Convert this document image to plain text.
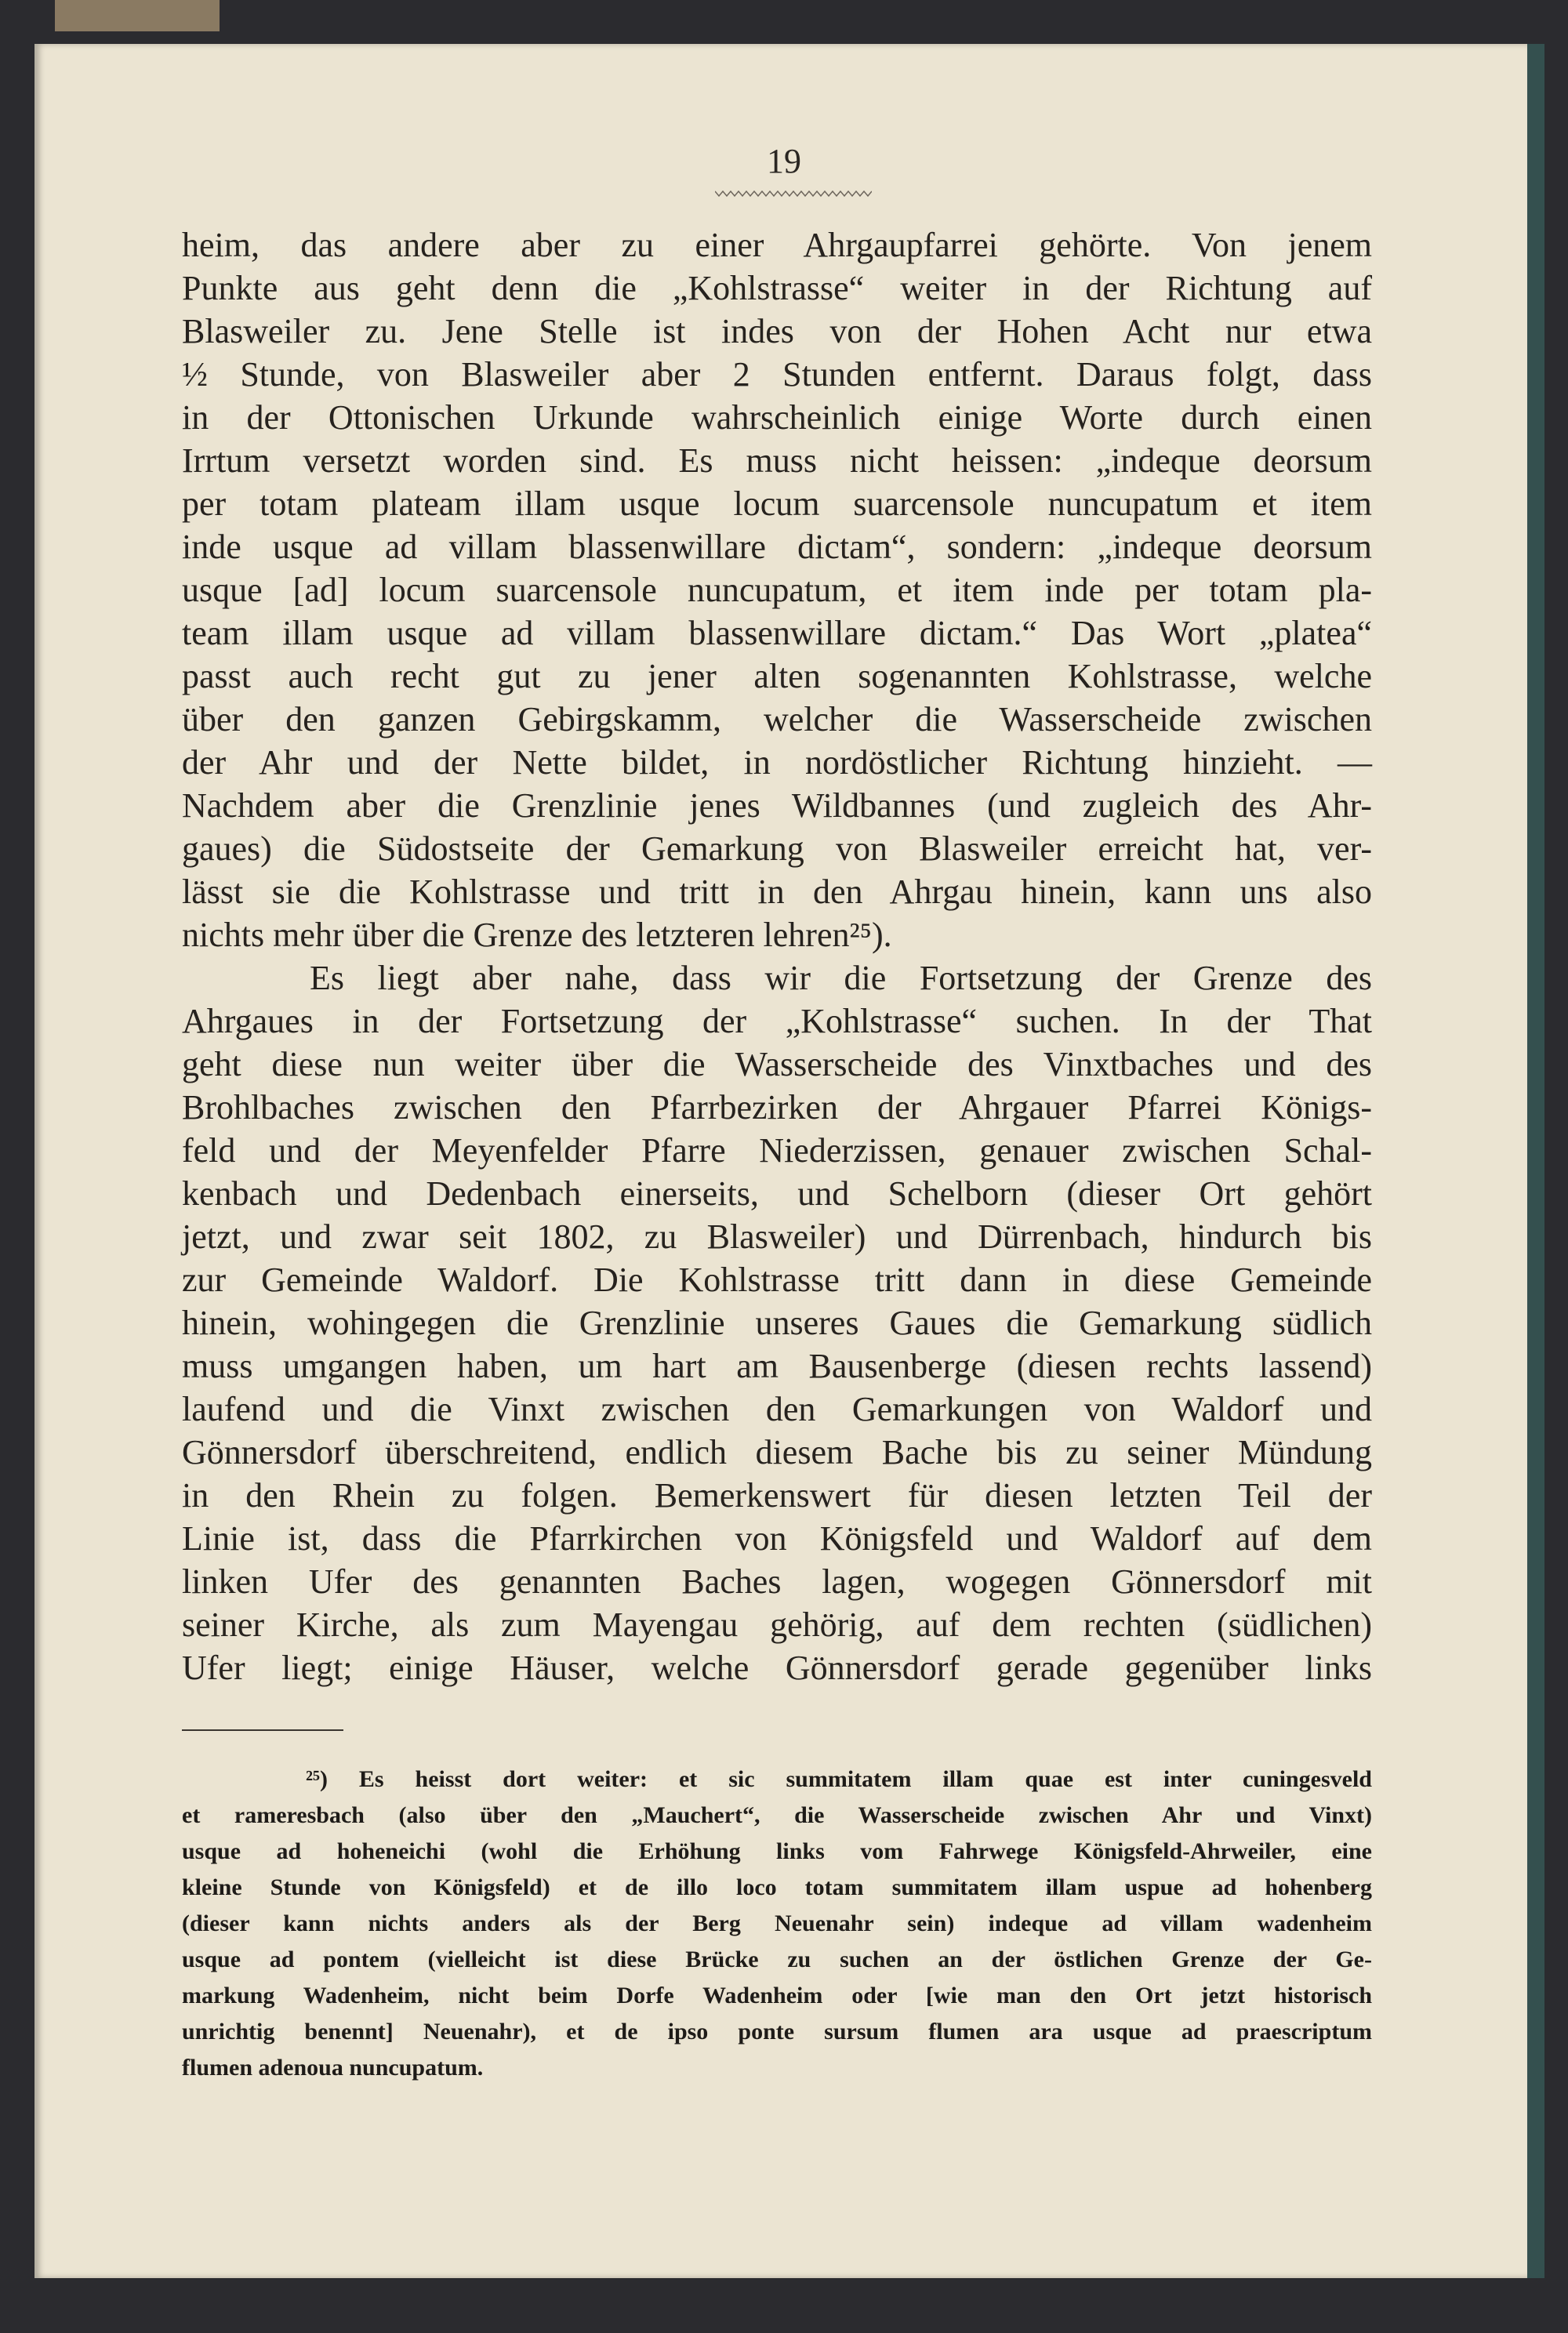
19
heim, das andere aber zu einer Ahrgaupfarrei gehörte. Von jenem
Punkte aus geht denn die „Kohlstrasse“ weiter in der Richtung auf
Blasweiler zu. Jene Stelle ist indes von der Hohen Acht nur etwa
½ Stunde, von Blasweiler aber 2 Stunden entfernt. Daraus folgt, dass
in der Ottonischen Urkunde wahrscheinlich einige Worte durch einen
Irrtum versetzt worden sind. Es muss nicht heissen: „indeque deorsum
per totam plateam illam usque locum suarcensole nuncupatum et item
inde usque ad villam blassenwillare dictam“, sondern: „indeque deorsum
usque [ad] locum suarcensole nuncupatum, et item inde per totam pla-
team illam usque ad villam blassenwillare dictam.“ Das Wort „platea“
passt auch recht gut zu jener alten sogenannten Kohlstrasse, welche
über den ganzen Gebirgskamm, welcher die Wasserscheide zwischen
der Ahr und der Nette bildet, in nordöstlicher Richtung hinzieht. —
Nachdem aber die Grenzlinie jenes Wildbannes (und zugleich des Ahr-
gaues) die Südostseite der Gemarkung von Blasweiler erreicht hat, ver-
lässt sie die Kohlstrasse und tritt in den Ahrgau hinein, kann uns also
nichts mehr über die Grenze des letzteren lehren²⁵).
Es liegt aber nahe, dass wir die Fortsetzung der Grenze des
Ahrgaues in der Fortsetzung der „Kohlstrasse“ suchen. In der That
geht diese nun weiter über die Wasserscheide des Vinxtbaches und des
Brohlbaches zwischen den Pfarrbezirken der Ahrgauer Pfarrei Königs-
feld und der Meyenfelder Pfarre Niederzissen, genauer zwischen Schal-
kenbach und Dedenbach einerseits, und Schelborn (dieser Ort gehört
jetzt, und zwar seit 1802, zu Blasweiler) und Dürrenbach, hindurch bis
zur Gemeinde Waldorf. Die Kohlstrasse tritt dann in diese Gemeinde
hinein, wohingegen die Grenzlinie unseres Gaues die Gemarkung südlich
muss umgangen haben, um hart am Bausenberge (diesen rechts lassend)
laufend und die Vinxt zwischen den Gemarkungen von Waldorf und
Gönnersdorf überschreitend, endlich diesem Bache bis zu seiner Mündung
in den Rhein zu folgen. Bemerkenswert für diesen letzten Teil der
Linie ist, dass die Pfarrkirchen von Königsfeld und Waldorf auf dem
linken Ufer des genannten Baches lagen, wogegen Gönnersdorf mit
seiner Kirche, als zum Mayengau gehörig, auf dem rechten (südlichen)
Ufer liegt; einige Häuser, welche Gönnersdorf gerade gegenüber links
²⁵) Es heisst dort weiter: et sic summitatem illam quae est inter cuningesveld
et rameresbach (also über den „Mauchert“, die Wasserscheide zwischen Ahr und Vinxt)
usque ad hoheneichi (wohl die Erhöhung links vom Fahrwege Königsfeld-Ahrweiler, eine
kleine Stunde von Königsfeld) et de illo loco totam summitatem illam uspue ad hohenberg
(dieser kann nichts anders als der Berg Neuenahr sein) indeque ad villam wadenheim
usque ad pontem (vielleicht ist diese Brücke zu suchen an der östlichen Grenze der Ge-
markung Wadenheim, nicht beim Dorfe Wadenheim oder [wie man den Ort jetzt historisch
unrichtig benennt] Neuenahr), et de ipso ponte sursum flumen ara usque ad praescriptum
flumen adenoua nuncupatum.
